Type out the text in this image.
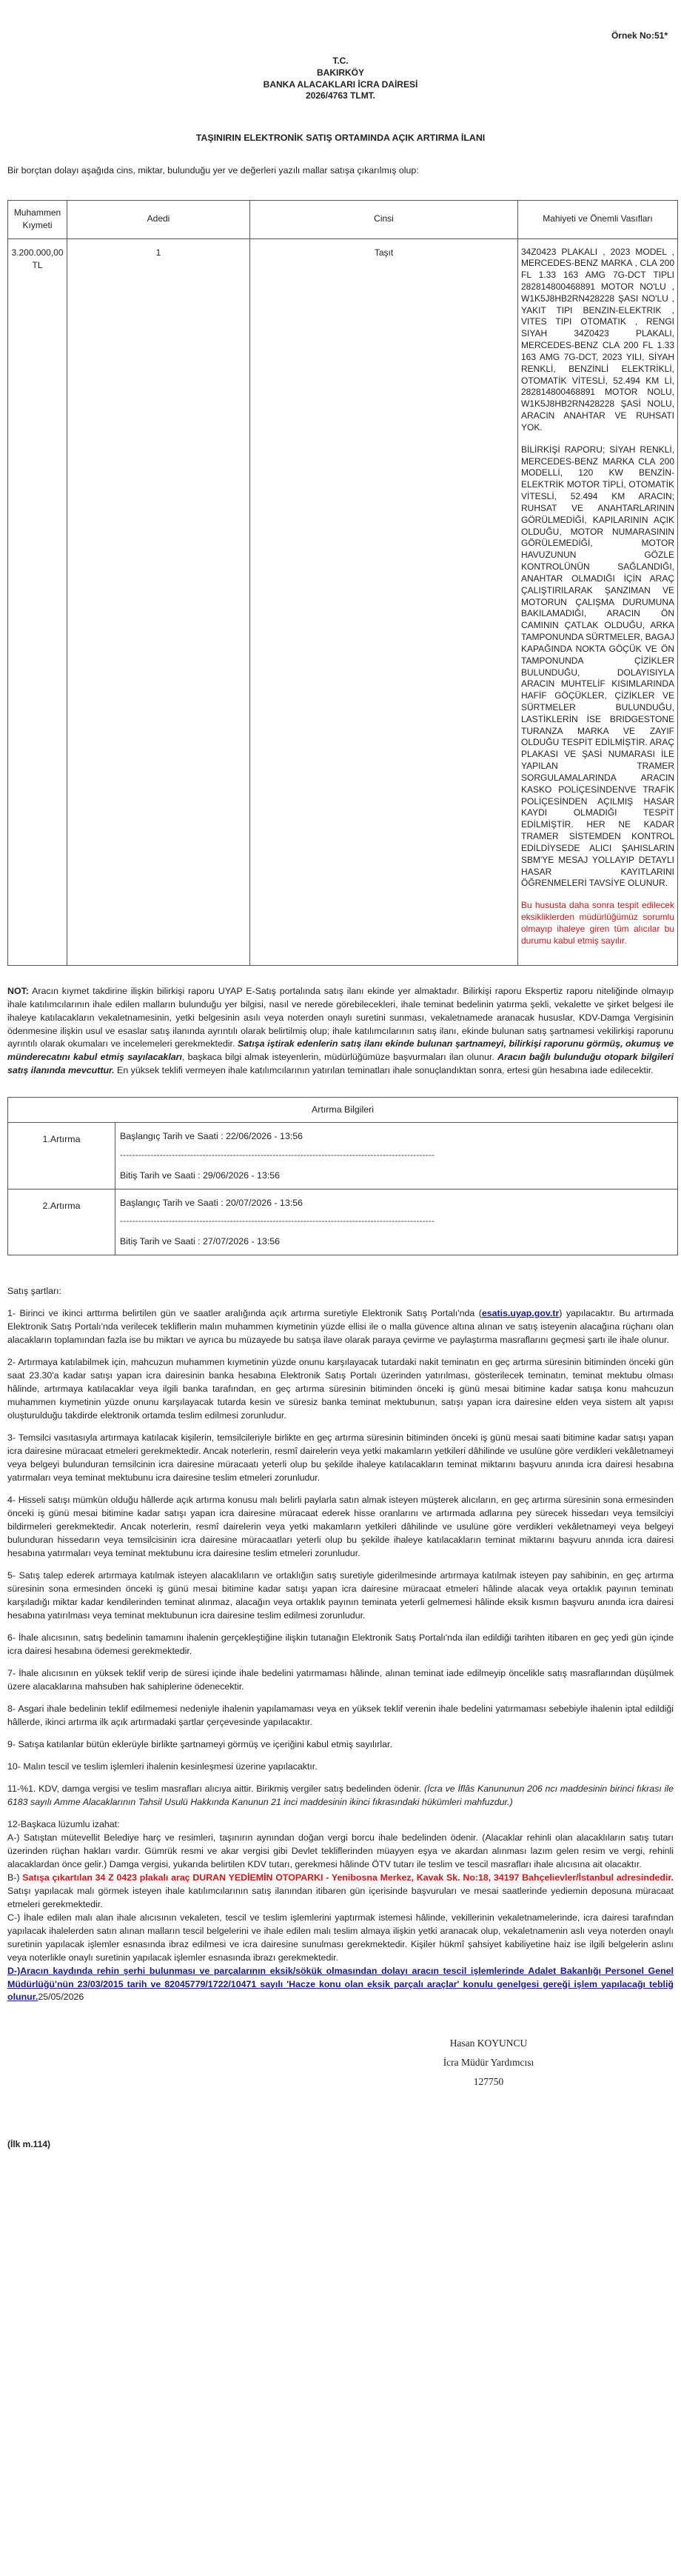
Örnek No:51*
T.C.
BAKIRKÖY
BANKA ALACAKLARI İCRA DAİRESİ
2026/4763 TLMT.
TAŞINIRIN ELEKTRONİK SATIŞ ORTAMINDA AÇIK ARTIRMA İLANI
Bir borçtan dolayı aşağıda cins, miktar, bulunduğu yer ve değerleri yazılı mallar satışa çıkarılmış olup:
Muhammen Kıymeti	Adedi	Cinsi	Mahiyeti ve Önemli Vasıfları
3.200.000,00 TL	1	Taşıt	34Z0423 PLAKALI , 2023 MODEL , MERCEDES-BENZ MARKA , CLA 200 FL 1.33 163 AMG 7G-DCT TIPLI 282814800468891 MOTOR NO'LU , W1K5J8HB2RN428228 ŞASI NO'LU , YAKIT TIPI BENZIN-ELEKTRIK , VITES TIPI OTOMATIK , RENGI SIYAH 34Z0423 PLAKALI, MERCEDES-BENZ CLA 200 FL 1.33 163 AMG 7G-DCT, 2023 YILI, SİYAH RENKLİ, BENZİNLİ ELEKTRİKLİ, OTOMATİK VİTESLİ, 52.494 KM Lİ, 282814800468891 MOTOR NOLU, W1K5J8HB2RN428228 ŞASİ NOLU, ARACIN ANAHTAR VE RUHSATI YOK.

BİLİRKİŞİ RAPORU; SİYAH RENKLİ, MERCEDES-BENZ MARKA CLA 200 MODELLİ, 120 KW BENZİN-ELEKTRİK MOTOR TİPLİ, OTOMATİK VİTESLİ, 52.494 KM ARACIN; RUHSAT VE ANAHTARLARININ GÖRÜLMEDİĞİ, KAPILARININ AÇIK OLDUĞU, MOTOR NUMARASININ GÖRÜLEMEDİĞİ, MOTOR HAVUZUNUN GÖZLE KONTROLÜNÜN SAĞLANDIĞI, ANAHTAR OLMADIĞI İÇİN ARAÇ ÇALIŞTIRILARAK ŞANZIMAN VE MOTORUN ÇALIŞMA DURUMUNA BAKILAMADIĞI, ARACIN ÖN CAMININ ÇATLAK OLDUĞU, ARKA TAMPONUNDA SÜRTMELER, BAGAJ KAPAĞINDA NOKTA GÖÇÜK VE ÖN TAMPONUNDA ÇİZİKLER BULUNDUĞU, DOLAYISIYLA ARACIN MUHTELİF KISIMLARINDA HAFİF GÖÇÜKLER, ÇİZİKLER VE SÜRTMELER BULUNDUĞU, LASTİKLERİN İSE BRIDGESTONE TURANZA MARKA VE ZAYIF OLDUĞU TESPİT EDİLMİŞTİR. ARAÇ PLAKASI VE ŞASİ NUMARASI İLE YAPILAN TRAMER SORGULAMALARINDA ARACIN KASKO POLİÇESİNDENVE TRAFİK POLİÇESİNDEN AÇILMIŞ HASAR KAYDI OLMADIĞI TESPİT EDİLMİŞTİR. HER NE KADAR TRAMER SİSTEMDEN KONTROL EDİLDİYSEDE ALICI ŞAHISLARIN SBM'YE MESAJ YOLLAYIP DETAYLI HASAR KAYITLARINI ÖĞRENMELERİ TAVSİYE OLUNUR.

Bu hususta daha sonra tespit edilecek eksikliklerden müdürlüğümüz sorumlu olmayıp ihaleye giren tüm alıcılar bu durumu kabul etmiş sayılır.

NOT: Aracın kıymet takdirine ilişkin bilirkişi raporu UYAP E-Satış portalında satış ilanı ekinde yer almaktadır. Bilirkişi raporu Ekspertiz raporu niteliğinde olmayıp ihale katılımcılarının ihale edilen malların bulunduğu yer bilgisi, nasıl ve nerede görebilecekleri, ihale teminat bedelinin yatırma şekli, vekalette ve şirket belgesi ile ihaleye katılacakların vekaletnamesinin, yetki belgesinin asılı veya noterden onaylı suretini sunması, vekaletnamede aranacak hususlar, KDV-Damga Vergisinin ödenmesine ilişkin usul ve esaslar satış ilanında ayrıntılı olarak belirtilmiş olup; ihale katılımcılarının satış ilanı, ekinde bulunan satış şartnamesi vekilirkişi raporunu ayrıntılı olarak okumaları ve incelemeleri gerekmektedir. Satışa iştirak edenlerin satış ilanı ekinde bulunan şartnameyi, bilirkişi raporunu görmüş, okumuş ve münderecatını kabul etmiş sayılacakları, başkaca bilgi almak isteyenlerin, müdürlüğümüze başvurmaları ilan olunur. Aracın bağlı bulunduğu otopark bilgileri satış ilanında mevcuttur. En yüksek teklifi vermeyen ihale katılımcılarının yatırılan teminatları ihale sonuçlandıktan sonra, ertesi gün hesabına iade edilecektir.
Artırma Bilgileri	
1.Artırma	Başlangıç Tarih ve Saati : 22/06/2026 - 13:56
-------------------------------------------------------------------------------------------------------
Bitiş Tarih ve Saati : 29/06/2026 - 13:56

2.Artırma	Başlangıç Tarih ve Saati : 20/07/2026 - 13:56
-------------------------------------------------------------------------------------------------------
Bitiş Tarih ve Saati : 27/07/2026 - 13:56

Satış şartları:

1- Birinci ve ikinci arttırma belirtilen gün ve saatler aralığında açık artırma suretiyle Elektronik Satış Portalı'nda (esatis.uyap.gov.tr) yapılacaktır. Bu artırmada Elektronik Satış Portalı'nda verilecek tekliflerin malın muhammen kıymetinin yüzde ellisi ile o malla güvence altına alınan ve satış isteyenin alacağına rüçhanı olan alacakların toplamından fazla ise bu miktarı ve ayrıca bu müzayede bu satışa ilave olarak paraya çevirme ve paylaştırma masraflarını geçmesi şartı ile ihale olunur.

2- Artırmaya katılabilmek için, mahcuzun muhammen kıymetinin yüzde onunu karşılayacak tutardaki nakit teminatın en geç artırma süresinin bitiminden önceki gün saat 23.30'a kadar satışı yapan icra dairesinin banka hesabına Elektronik Satış Portalı üzerinden yatırılması, gösterilecek teminatın, teminat mektubu olması hâlinde, artırmaya katılacaklar veya ilgili banka tarafından, en geç artırma süresinin bitiminden önceki iş günü mesai bitimine kadar satışa konu mahcuzun muhammen kıymetinin yüzde onunu karşılayacak tutarda kesin ve süresiz banka teminat mektubunun, satışı yapan icra dairesine elden veya sistem alt yapısı oluşturulduğu takdirde elektronik ortamda teslim edilmesi zorunludur.

3- Temsilci vasıtasıyla artırmaya katılacak kişilerin, temsilcileriyle birlikte en geç artırma süresinin bitiminden önceki iş günü mesai saati bitimine kadar satışı yapan icra dairesine müracaat etmeleri gerekmektedir. Ancak noterlerin, resmî dairelerin veya yetki makamların yetkileri dâhilinde ve usulüne göre verdikleri vekâletnameyi veya belgeyi bulunduran temsilcinin icra dairesine müracaatı yeterli olup bu şekilde ihaleye katılacakların teminat miktarını başvuru anında icra dairesi hesabına yatırmaları veya teminat mektubunu icra dairesine teslim etmeleri zorunludur.

4- Hisseli satışı mümkün olduğu hâllerde açık artırma konusu malı belirli paylarla satın almak isteyen müşterek alıcıların, en geç artırma süresinin sona ermesinden önceki iş günü mesai bitimine kadar satışı yapan icra dairesine müracaat ederek hisse oranlarını ve artırmada adlarına pey sürecek hissedarı veya temsilciyi bildirmeleri gerekmektedir. Ancak noterlerin, resmî dairelerin veya yetki makamların yetkileri dâhilinde ve usulüne göre verdikleri vekâletnameyi veya belgeyi bulunduran hissedarın veya temsilcisinin icra dairesine müracaatları yeterli olup bu şekilde ihaleye katılacakların teminat miktarını başvuru anında icra dairesi hesabına yatırmaları veya teminat mektubunu icra dairesine teslim etmeleri zorunludur.

5- Satış talep ederek artırmaya katılmak isteyen alacaklıların ve ortaklığın satış suretiyle giderilmesinde artırmaya katılmak isteyen pay sahibinin, en geç artırma süresinin sona ermesinden önceki iş günü mesai bitimine kadar satışı yapan icra dairesine müracaat etmeleri hâlinde alacak veya ortaklık payının teminatı karşıladığı miktar kadar kendilerinden teminat alınmaz, alacağın veya ortaklık payının teminata yeterli gelmemesi hâlinde eksik kısmın başvuru anında icra dairesi hesabına yatırılması veya teminat mektubunun icra dairesine teslim edilmesi zorunludur.

6- İhale alıcısının, satış bedelinin tamamını ihalenin gerçekleştiğine ilişkin tutanağın Elektronik Satış Portalı'nda ilan edildiği tarihten itibaren en geç yedi gün içinde icra dairesi hesabına ödemesi gerekmektedir.

7- İhale alıcısının en yüksek teklif verip de süresi içinde ihale bedelini yatırmaması hâlinde, alınan teminat iade edilmeyip öncelikle satış masraflarından düşülmek üzere alacaklarına mahsuben hak sahiplerine ödenecektir.

8- Asgari ihale bedelinin teklif edilmemesi nedeniyle ihalenin yapılamaması veya en yüksek teklif verenin ihale bedelini yatırmaması sebebiyle ihalenin iptal edildiği hâllerde, ikinci artırma ilk açık artırmadaki şartlar çerçevesinde yapılacaktır.

9- Satışa katılanlar bütün eklerüyle birlikte şartnameyi görmüş ve içeriğini kabul etmiş sayılırlar.

10- Malın tescil ve teslim işlemleri ihalenin kesinleşmesi üzerine yapılacaktır.

11-%1. KDV, damga vergisi ve teslim masrafları alıcıya aittir. Birikmiş vergiler satış bedelinden ödenir. (İcra ve İflâs Kanununun 206 ncı maddesinin birinci fıkrası ile 6183 sayılı Amme Alacaklarının Tahsil Usulü Hakkında Kanunun 21 inci maddesinin ikinci fıkrasındaki hükümleri mahfuzdur.)

12-Başkaca lüzumlu izahat:
A-) Satıştan mütevellit Belediye harç ve resimleri, taşınırın aynından doğan vergi borcu ihale bedelinden ödenir. (Alacaklar rehinli olan alacaklıların satış tutarı üzerinden rüçhan hakları vardır. Gümrük resmi ve akar vergisi gibi Devlet tekliflerinden müayyen eşya ve akardan alınması lazım gelen resim ve vergi, rehinli alacaklardan önce gelir.) Damga vergisi, yukarıda belirtilen KDV tutarı, gerekmesi hâlinde ÖTV tutarı ile teslim ve tescil masrafları ihale alıcısına ait olacaktır.
B-) Satışa çıkartılan 34 Z 0423 plakalı araç DURAN YEDİEMİN OTOPARKI - Yenibosna Merkez, Kavak Sk. No:18, 34197 Bahçelievler/İstanbul adresindedir. Satışı yapılacak malı görmek isteyen ihale katılımcılarının satış ilanından itibaren gün içerisinde başvuruları ve mesai saatlerinde yediemin deposuna müracaat etmeleri gerekmektedir.
C-) İhale edilen malı alan ihale alıcısının vekaleten, tescil ve teslim işlemlerini yaptırmak istemesi hâlinde, vekillerinin vekaletnamelerinde, icra dairesi tarafından yapılacak ihalelerden satın alınan malların tescil belgelerini ve ihale edilen malı teslim almaya ilişkin yetki aranacak olup, vekaletnamenin aslı veya noterden onaylı suretinin yapılacak işlemler esnasında ibraz edilmesi ve icra dairesine sunulması gerekmektedir. Kişiler hükmî şahsiyet kabiliyetine haiz ise ilgili belgelerin aslını veya noterlikle onaylı suretinin yapılacak işlemler esnasında ibrazı gerekmektedir.
D-)Aracın kaydında rehin şerhi bulunması ve parçalarının eksik/sökük olmasından dolayı aracın tescil işlemlerinde Adalet Bakanlığı Personel Genel Müdürlüğü'nün 23/03/2015 tarih ve 82045779/1722/10471 sayılı 'Hacze konu olan eksik parçalı araçlar' konulu genelgesi gereği işlem yapılacağı tebliğ olunur.25/05/2026
Hasan KOYUNCU
İcra Müdür Yardımcısı
127750
(İlk m.114)
